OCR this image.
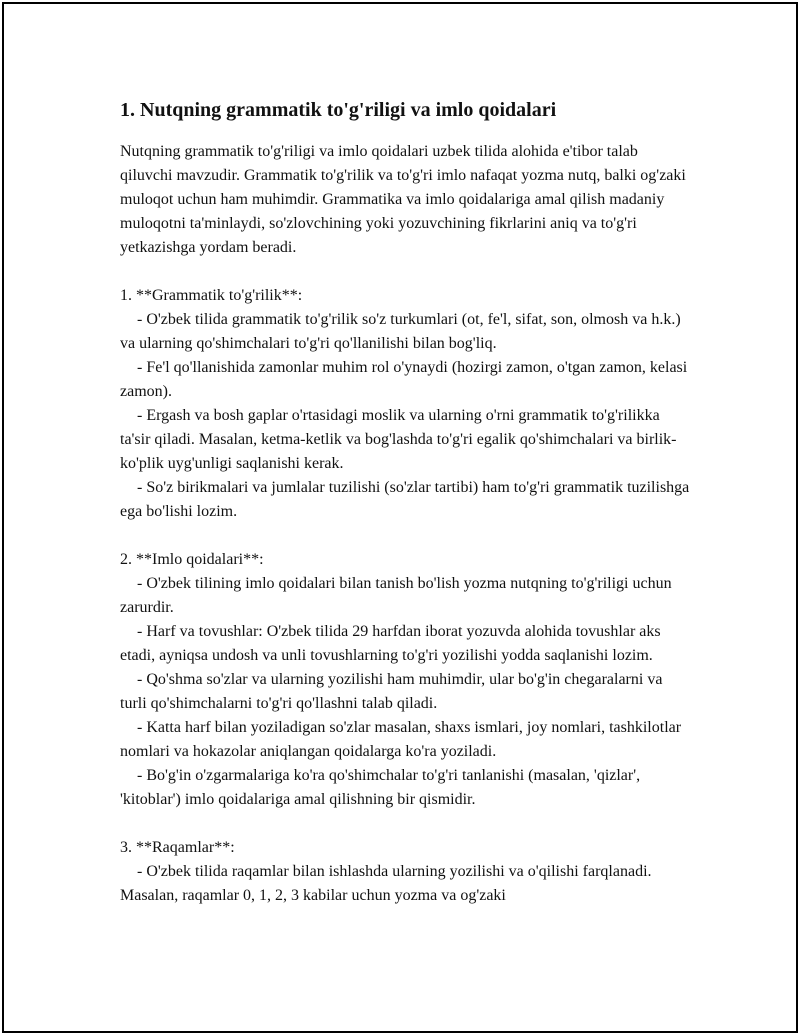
1. Nutqning grammatik to'g'riligi va imlo qoidalari

Nutqning grammatik to'g'riligi va imlo qoidalari uzbek tilida alohida e'tibor talab qiluvchi mavzudir. Grammatik to'g'rilik va to'g'ri imlo nafaqat yozma nutq, balki og'zaki muloqot uchun ham muhimdir. Grammatika va imlo qoidalariga amal qilish madaniy muloqotni ta'minlaydi, so'zlovchining yoki yozuvchining fikrlarini aniq va to'g'ri yetkazishga yordam beradi.

1. **Grammatik to'g'rilik**:

- O'zbek tilida grammatik to'g'rilik so'z turkumlari (ot, fe'l, sifat, son, olmosh va h.k.) va ularning qo'shimchalari to'g'ri qo'llanilishi bilan bog'liq.

- Fe'l qo'llanishida zamonlar muhim rol o'ynaydi (hozirgi zamon, o'tgan zamon, kelasi zamon).

- Ergash va bosh gaplar o'rtasidagi moslik va ularning o'rni grammatik to'g'rilikka ta'sir qiladi. Masalan, ketma-ketlik va bog'lashda to'g'ri egalik qo'shimchalari va birlik-ko'plik uyg'unligi saqlanishi kerak.

- So'z birikmalari va jumlalar tuzilishi (so'zlar tartibi) ham to'g'ri grammatik tuzilishga ega bo'lishi lozim.

2. **Imlo qoidalari**:

- O'zbek tilining imlo qoidalari bilan tanish bo'lish yozma nutqning to'g'riligi uchun zarurdir.

- Harf va tovushlar: O'zbek tilida 29 harfdan iborat yozuvda alohida tovushlar aks etadi, ayniqsa undosh va unli tovushlarning to'g'ri yozilishi yodda saqlanishi lozim.

- Qo'shma so'zlar va ularning yozilishi ham muhimdir, ular bo'g'in chegaralarni va turli qo'shimchalarni to'g'ri qo'llashni talab qiladi.

- Katta harf bilan yoziladigan so'zlar masalan, shaxs ismlari, joy nomlari, tashkilotlar nomlari va hokazolar aniqlangan qoidalarga ko'ra yoziladi.

- Bo'g'in o'zgarmalariga ko'ra qo'shimchalar to'g'ri tanlanishi (masalan, 'qizlar', 'kitoblar') imlo qoidalariga amal qilishning bir qismidir.

3. **Raqamlar**:

- O'zbek tilida raqamlar bilan ishlashda ularning yozilishi va o'qilishi farqlanadi. Masalan, raqamlar 0, 1, 2, 3 kabilar uchun yozma va og'zaki
